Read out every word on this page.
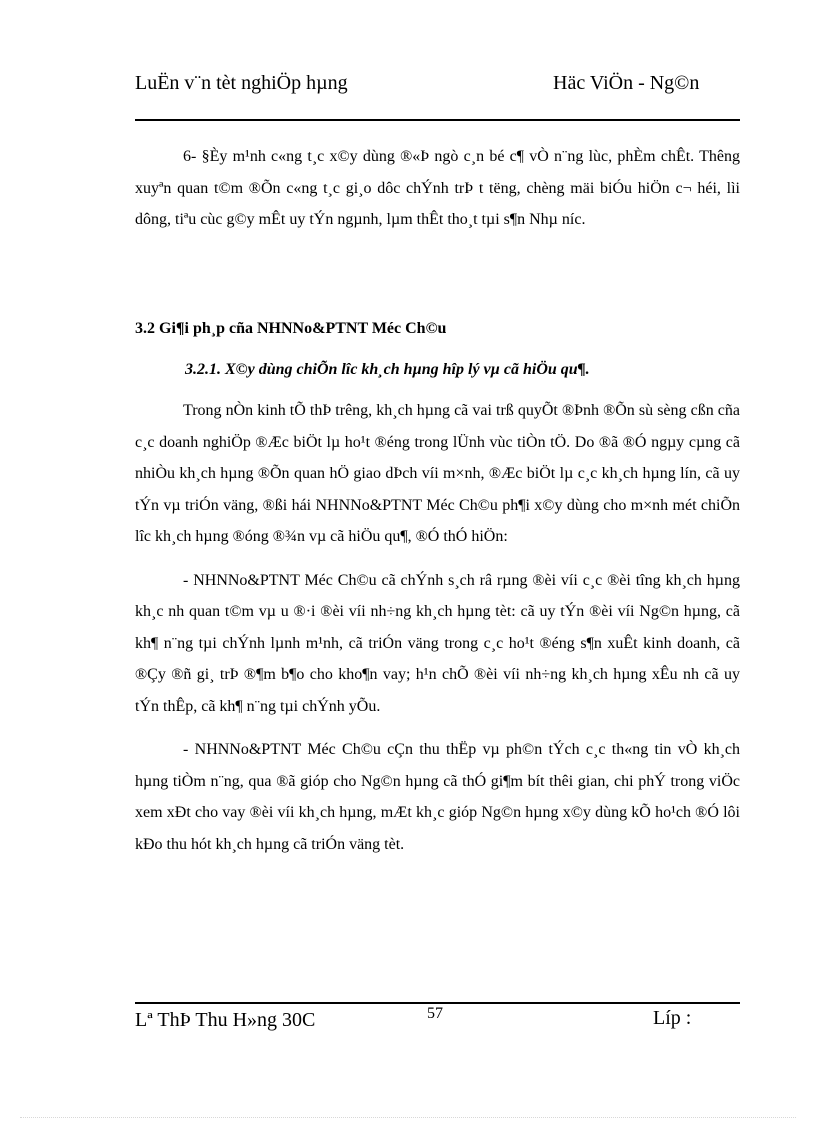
LuËn v¨n tèt nghiÖp hµng	Häc ViÖn - Ng©n

6- §Èy m¹nh c«ng t¸c x©y dùng ®«Þ ngò c¸n bé c¶ vÒ n¨ng lùc, phÈm chÊt. Thêng xuyªn quan t©m ®Õn c«ng t¸c gi¸o dôc chÝnh trÞ t tëng, chèng mäi biÓu hiÖn c¬ héi, lìi dông, tiªu cùc g©y mÊt uy tÝn ngµnh, lµm thÊt tho¸t tµi s¶n Nhµ níc.

3.2 Gi¶i ph¸p cña NHNNo&PTNT Méc Ch©u
3.2.1. X©y dùng chiÕn lîc kh¸ch hµng hîp lý vµ cã hiÖu qu¶.

Trong nÒn kinh tÕ thÞ trêng, kh¸ch hµng cã vai trß quyÕt ®Þnh ®Õn sù sèng cßn cña c¸c doanh nghiÖp ®Æc biÖt lµ ho¹t ®éng trong lÜnh vùc tiÒn tÖ. Do ®ã ®Ó ngµy cµng cã nhiÒu kh¸ch hµng ®Õn quan hÖ giao dÞch víi m×nh, ®Æc biÖt lµ c¸c kh¸ch hµng lín, cã uy tÝn vµ triÓn väng, ®ßi hái NHNNo&PTNT Méc Ch©u ph¶i x©y dùng cho m×nh mét chiÕn lîc kh¸ch hµng ®óng ®¾n vµ cã hiÖu qu¶, ®Ó thÓ hiÖn:

- NHNNo&PTNT Méc Ch©u cã chÝnh s¸ch râ rµng ®èi víi c¸c ®èi tîng kh¸ch hµng kh¸c nh quan t©m vµ u ®·i ®èi víi nh÷ng kh¸ch hµng tèt: cã uy tÝn ®èi víi Ng©n hµng, cã kh¶ n¨ng tµi chÝnh lµnh m¹nh, cã triÓn väng trong c¸c ho¹t ®éng s¶n xuÊt kinh doanh, cã ®Çy ®ñ gi¸ trÞ ®¶m b¶o cho kho¶n vay; h¹n chÕ ®èi víi nh÷ng kh¸ch hµng xÊu nh cã uy tÝn thÊp, cã kh¶ n¨ng tµi chÝnh yÕu.

- NHNNo&PTNT Méc Ch©u cÇn thu thËp vµ ph©n tÝch c¸c th«ng tin vÒ kh¸ch hµng tiÒm n¨ng, qua ®ã gióp cho Ng©n hµng cã thÓ gi¶m bít thêi gian, chi phÝ trong viÖc xem xÐt cho vay ®èi víi kh¸ch hµng, mÆt kh¸c gióp Ng©n hµng x©y dùng kÕ ho¹ch ®Ó lôi kÐo thu hót kh¸ch hµng cã triÓn väng tèt.

Lª ThÞ Thu H»ng 30C	57	Líp :
